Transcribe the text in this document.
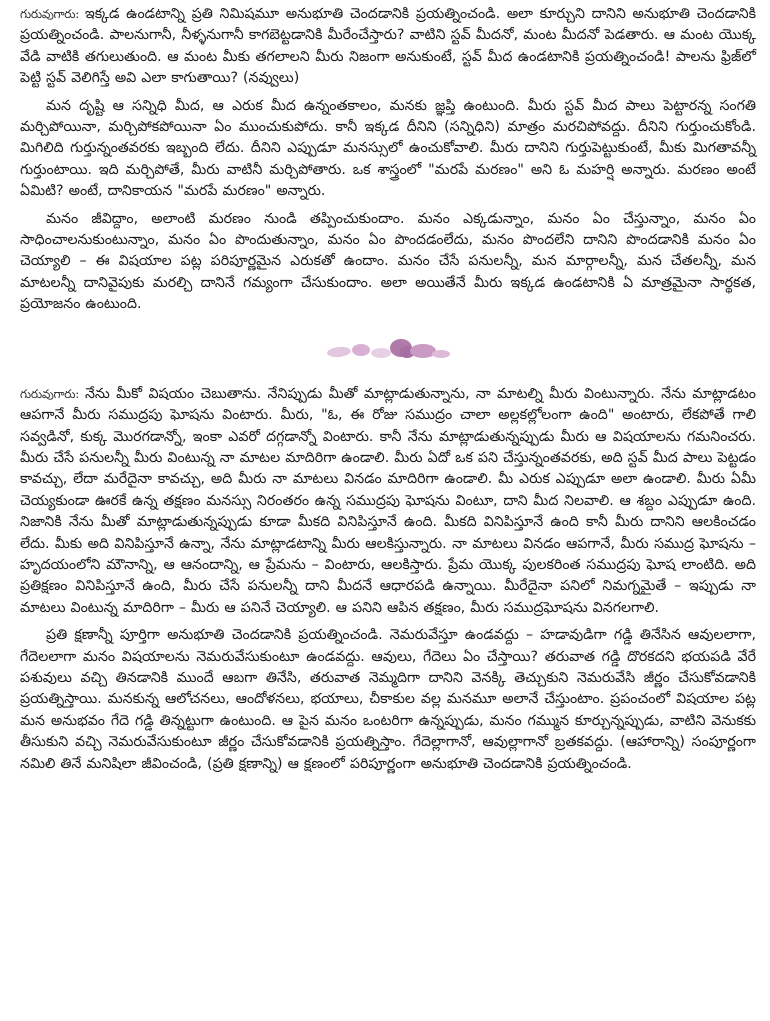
గురువుగారు: ఇక్కడ ఉండటాన్ని ప్రతి నిమిషమూ అనుభూతి చెందడానికి ప్రయత్నించండి. అలా కూర్చుని దానిని అనుభూతి చెందడానికి ప్రయత్నించండి. పాలనుగానీ, నీళ్ళనుగానీ కాగబెట్టడానికి మీరేంచేస్తారు? వాటిని స్టవ్ మీదనో, మంట మీదనో పెడతారు. ఆ మంట యొక్క వేడి వాటికి తగులుతుంది. ఆ మంట మీకు తగలాలని మీరు నిజంగా అనుకుంటే, స్టవ్ మీద ఉండటానికి ప్రయత్నించండి! పాలను ఫ్రిజ్‌లో పెట్టి స్టవ్ వెలిగిస్తే అవి ఎలా కాగుతాయి? (నవ్వులు)

మన దృష్టి ఆ సన్నిధి మీద, ఆ ఎరుక మీద ఉన్నంతకాలం, మనకు జ్ఞప్తి ఉంటుంది. మీరు స్టవ్ మీద పాలు పెట్టారన్న సంగతి మర్చిపోయినా, మర్చిపోకపోయినా ఏం ముంచుకుపోదు. కానీ ఇక్కడ దీనిని (సన్నిధిని) మాత్రం మరచిపోవద్దు. దీనిని గుర్తుంచుకోండి. మిగిలిది గుర్తున్నంతవరకు ఇబ్బంది లేదు. దీనిని ఎప్పుడూ మనస్సులో ఉంచుకోవాలి. మీరు దానిని గుర్తుపెట్టుకుంటే, మీకు మిగతావన్నీ గుర్తుంటాయి. ఇది మర్చిపోతే, మీరు వాటినీ మర్చిపోతారు. ఒక శాస్త్రంలో "మరపే మరణం" అని ఓ మహర్షి అన్నారు. మరణం అంటే ఏమిటి? అంటే, దానికాయన "మరపే మరణం" అన్నారు.

మనం జీవిద్దాం, అలాంటి మరణం నుండి తప్పించుకుందాం. మనం ఎక్కడున్నాం, మనం ఏం చేస్తున్నాం, మనం ఏం సాధించాలనుకుంటున్నాం, మనం ఏం పొందుతున్నాం, మనం ఏం పొందడంలేదు, మనం పొందలేని దానిని పొందడానికి మనం ఏం చెయ్యాలి – ఈ విషయాల పట్ల పరిపూర్ణమైన ఎరుకతో ఉందాం. మనం చేసే పనులన్నీ, మన మార్గాలన్నీ, మన చేతలన్నీ, మన మాటలన్నీ దానివైపుకు మరల్చి దానినే గమ్యంగా చేసుకుందాం. అలా అయితేనే మీరు ఇక్కడ ఉండటానికి ఏ మాత్రమైనా సార్థకత, ప్రయోజనం ఉంటుంది.

గురువుగారు: నేను మీకో విషయం చెబుతాను. నేనిప్పుడు మీతో మాట్లాడుతున్నాను, నా మాటల్ని మీరు వింటున్నారు. నేను మాట్లాడటం ఆపగానే మీరు సముద్రపు ఘోషను వింటారు. మీరు, "ఓ, ఈ రోజు సముద్రం చాలా అల్లకల్లోలంగా ఉంది" అంటారు, లేకపోతే గాలి సవ్వడినో, కుక్క మొరగడాన్నో, ఇంకా ఎవరో దగ్గడాన్నో వింటారు. కానీ నేను మాట్లాడుతున్నప్పుడు మీరు ఆ విషయాలను గమనించరు. మీరు చేసే పనులన్నీ మీరు వింటున్న నా మాటల మాదిరిగా ఉండాలి. మీరు ఏదో ఒక పని చేస్తున్నంతవరకు, అది స్టవ్ మీద పాలు పెట్టడం కావచ్చు, లేదా మరేదైనా కావచ్చు, అది మీరు నా మాటలు వినడం మాదిరిగా ఉండాలి. మీ ఎరుక ఎప్పుడూ అలా ఉండాలి. మీరు ఏమీ చెయ్యకుండా ఊరకే ఉన్న తక్షణం మనస్సు నిరంతరం ఉన్న సముద్రపు ఘోషను వింటూ, దాని మీద నిలవాలి. ఆ శబ్దం ఎప్పుడూ ఉంది. నిజానికి నేను మీతో మాట్లాడుతున్నప్పుడు కూడా మీకది వినిపిస్తూనే ఉంది. మీకది వినిపిస్తూనే ఉంది కానీ మీరు దానిని ఆలకించడం లేదు. మీకు అది వినిపిస్తూనే ఉన్నా, నేను మాట్లాడటాన్ని మీరు ఆలకిస్తున్నారు. నా మాటలు వినడం ఆపగానే, మీరు సముద్ర ఘోషను – హృదయంలోని మౌనాన్ని, ఆ ఆనందాన్ని, ఆ ప్రేమను – వింటారు, ఆలకిస్తారు. ప్రేమ యొక్క పులకరింత సముద్రపు ఘోష లాంటిది. అది ప్రతిక్షణం వినిపిస్తూనే ఉంది, మీరు చేసే పనులన్నీ దాని మీదనే ఆధారపడి ఉన్నాయి. మీరేదైనా పనిలో నిమగ్నమైతే – ఇప్పుడు నా మాటలు వింటున్న మాదిరిగా – మీరు ఆ పనినే చెయ్యాలి. ఆ పనిని ఆపిన తక్షణం, మీరు సముద్రఘోషను వినగలగాలి.

ప్రతి క్షణాన్నీ పూర్తిగా అనుభూతి చెందడానికి ప్రయత్నించండి. నెమరువేస్తూ ఉండవద్దు – హడావుడిగా గడ్డి తినేసిన ఆవులలాగా, గేదెలలాగా మనం విషయాలను నెమరువేసుకుంటూ ఉండవద్దు. ఆవులు, గేదెలు ఏం చేస్తాయి? తరువాత గడ్డి దొరకదని భయపడి వేరే పశువులు వచ్చి తినడానికి ముందే ఆబగా తినేసి, తరువాత నెమ్మదిగా దానిని వెనక్కి తెచ్చుకుని నెమరువేసి జీర్ణం చేసుకోవడానికి ప్రయత్నిస్తాయి. మనకున్న ఆలోచనలు, ఆందోళనలు, భయాలు, చీకాకుల వల్ల మనమూ అలానే చేస్తుంటాం. ప్రపంచంలో విషయాల పట్ల మన అనుభవం గేదె గడ్డి తిన్నట్టుగా ఉంటుంది. ఆ పైన మనం ఒంటరిగా ఉన్నప్పుడు, మనం గమ్మున కూర్చున్నప్పుడు, వాటిని వెనుకకు తీసుకుని వచ్చి నెమరువేసుకుంటూ జీర్ణం చేసుకోవడానికి ప్రయత్నిస్తాం. గేదెల్లాగానో, ఆవుల్లాగానో బ్రతకవద్దు. (ఆహారాన్ని) సంపూర్ణంగా నమిలి తినే మనిషిలా జీవించండి, (ప్రతి క్షణాన్ని) ఆ క్షణంలో పరిపూర్ణంగా అనుభూతి చెందడానికి ప్రయత్నించండి.
